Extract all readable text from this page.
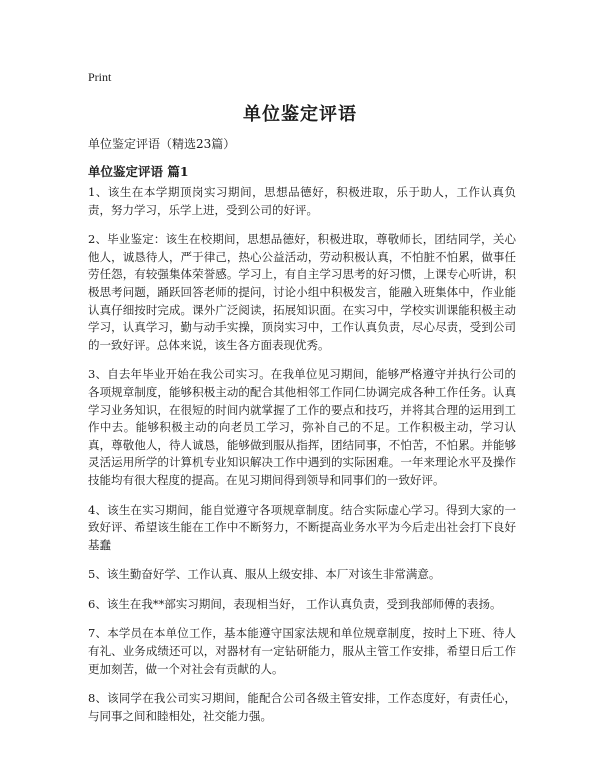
Print
单位鉴定评语

单位鉴定评语（精选23篇）

单位鉴定评语 篇1

1、该生在本学期顶岗实习期间，思想品德好，积极进取，乐于助人，工作认真负责，努力学习，乐学上进，受到公司的好评。

2、毕业鉴定：该生在校期间，思想品德好，积极进取，尊敬师长，团结同学，关心他人，诚恳待人，严于律己，热心公益活动，劳动积极认真，不怕脏不怕累，做事任劳任怨，有较强集体荣誉感。学习上，有自主学习思考的好习惯，上课专心听讲，积极思考问题，踊跃回答老师的提问，讨论小组中积极发言，能融入班集体中，作业能认真仔细按时完成。课外广泛阅读，拓展知识面。在实习中，学校实训课能积极主动学习，认真学习，勤与动手实操，顶岗实习中，工作认真负责，尽心尽责，受到公司的一致好评。总体来说，该生各方面表现优秀。

3、自去年毕业开始在我公司实习。在我单位见习期间，能够严格遵守并执行公司的各项规章制度，能够积极主动的配合其他相邻工作同仁协调完成各种工作任务。认真学习业务知识，在很短的时间内就掌握了工作的要点和技巧，并将其合理的运用到工作中去。能够积极主动的向老员工学习，弥补自己的不足。工作积极主动，学习认真，尊敬他人，待人诚恳，能够做到服从指挥，团结同事，不怕苦，不怕累。并能够灵活运用所学的计算机专业知识解决工作中遇到的实际困难。一年来理论水平及操作技能均有很大程度的提高。在见习期间得到领导和同事们的一致好评。

4、该生在实习期间，能自觉遵守各项规章制度。结合实际虚心学习。得到大家的一致好评、希望该生能在工作中不断努力，不断提高业务水平为今后走出社会打下良好基蠢

5、该生勤奋好学、工作认真、服从上级安排、本厂对该生非常满意。

6、该生在我**部实习期间，表现相当好， 工作认真负责，受到我部师傅的表扬。

7、本学员在本单位工作，基本能遵守国家法规和单位规章制度，按时上下班、待人有礼、业务成绩还可以，对器材有一定钻研能力，服从主管工作安排，希望日后工作更加刻苦，做一个对社会有贡献的人。

8、该同学在我公司实习期间，能配合公司各级主管安排，工作态度好，有责任心，与同事之间和睦相处，社交能力强。
